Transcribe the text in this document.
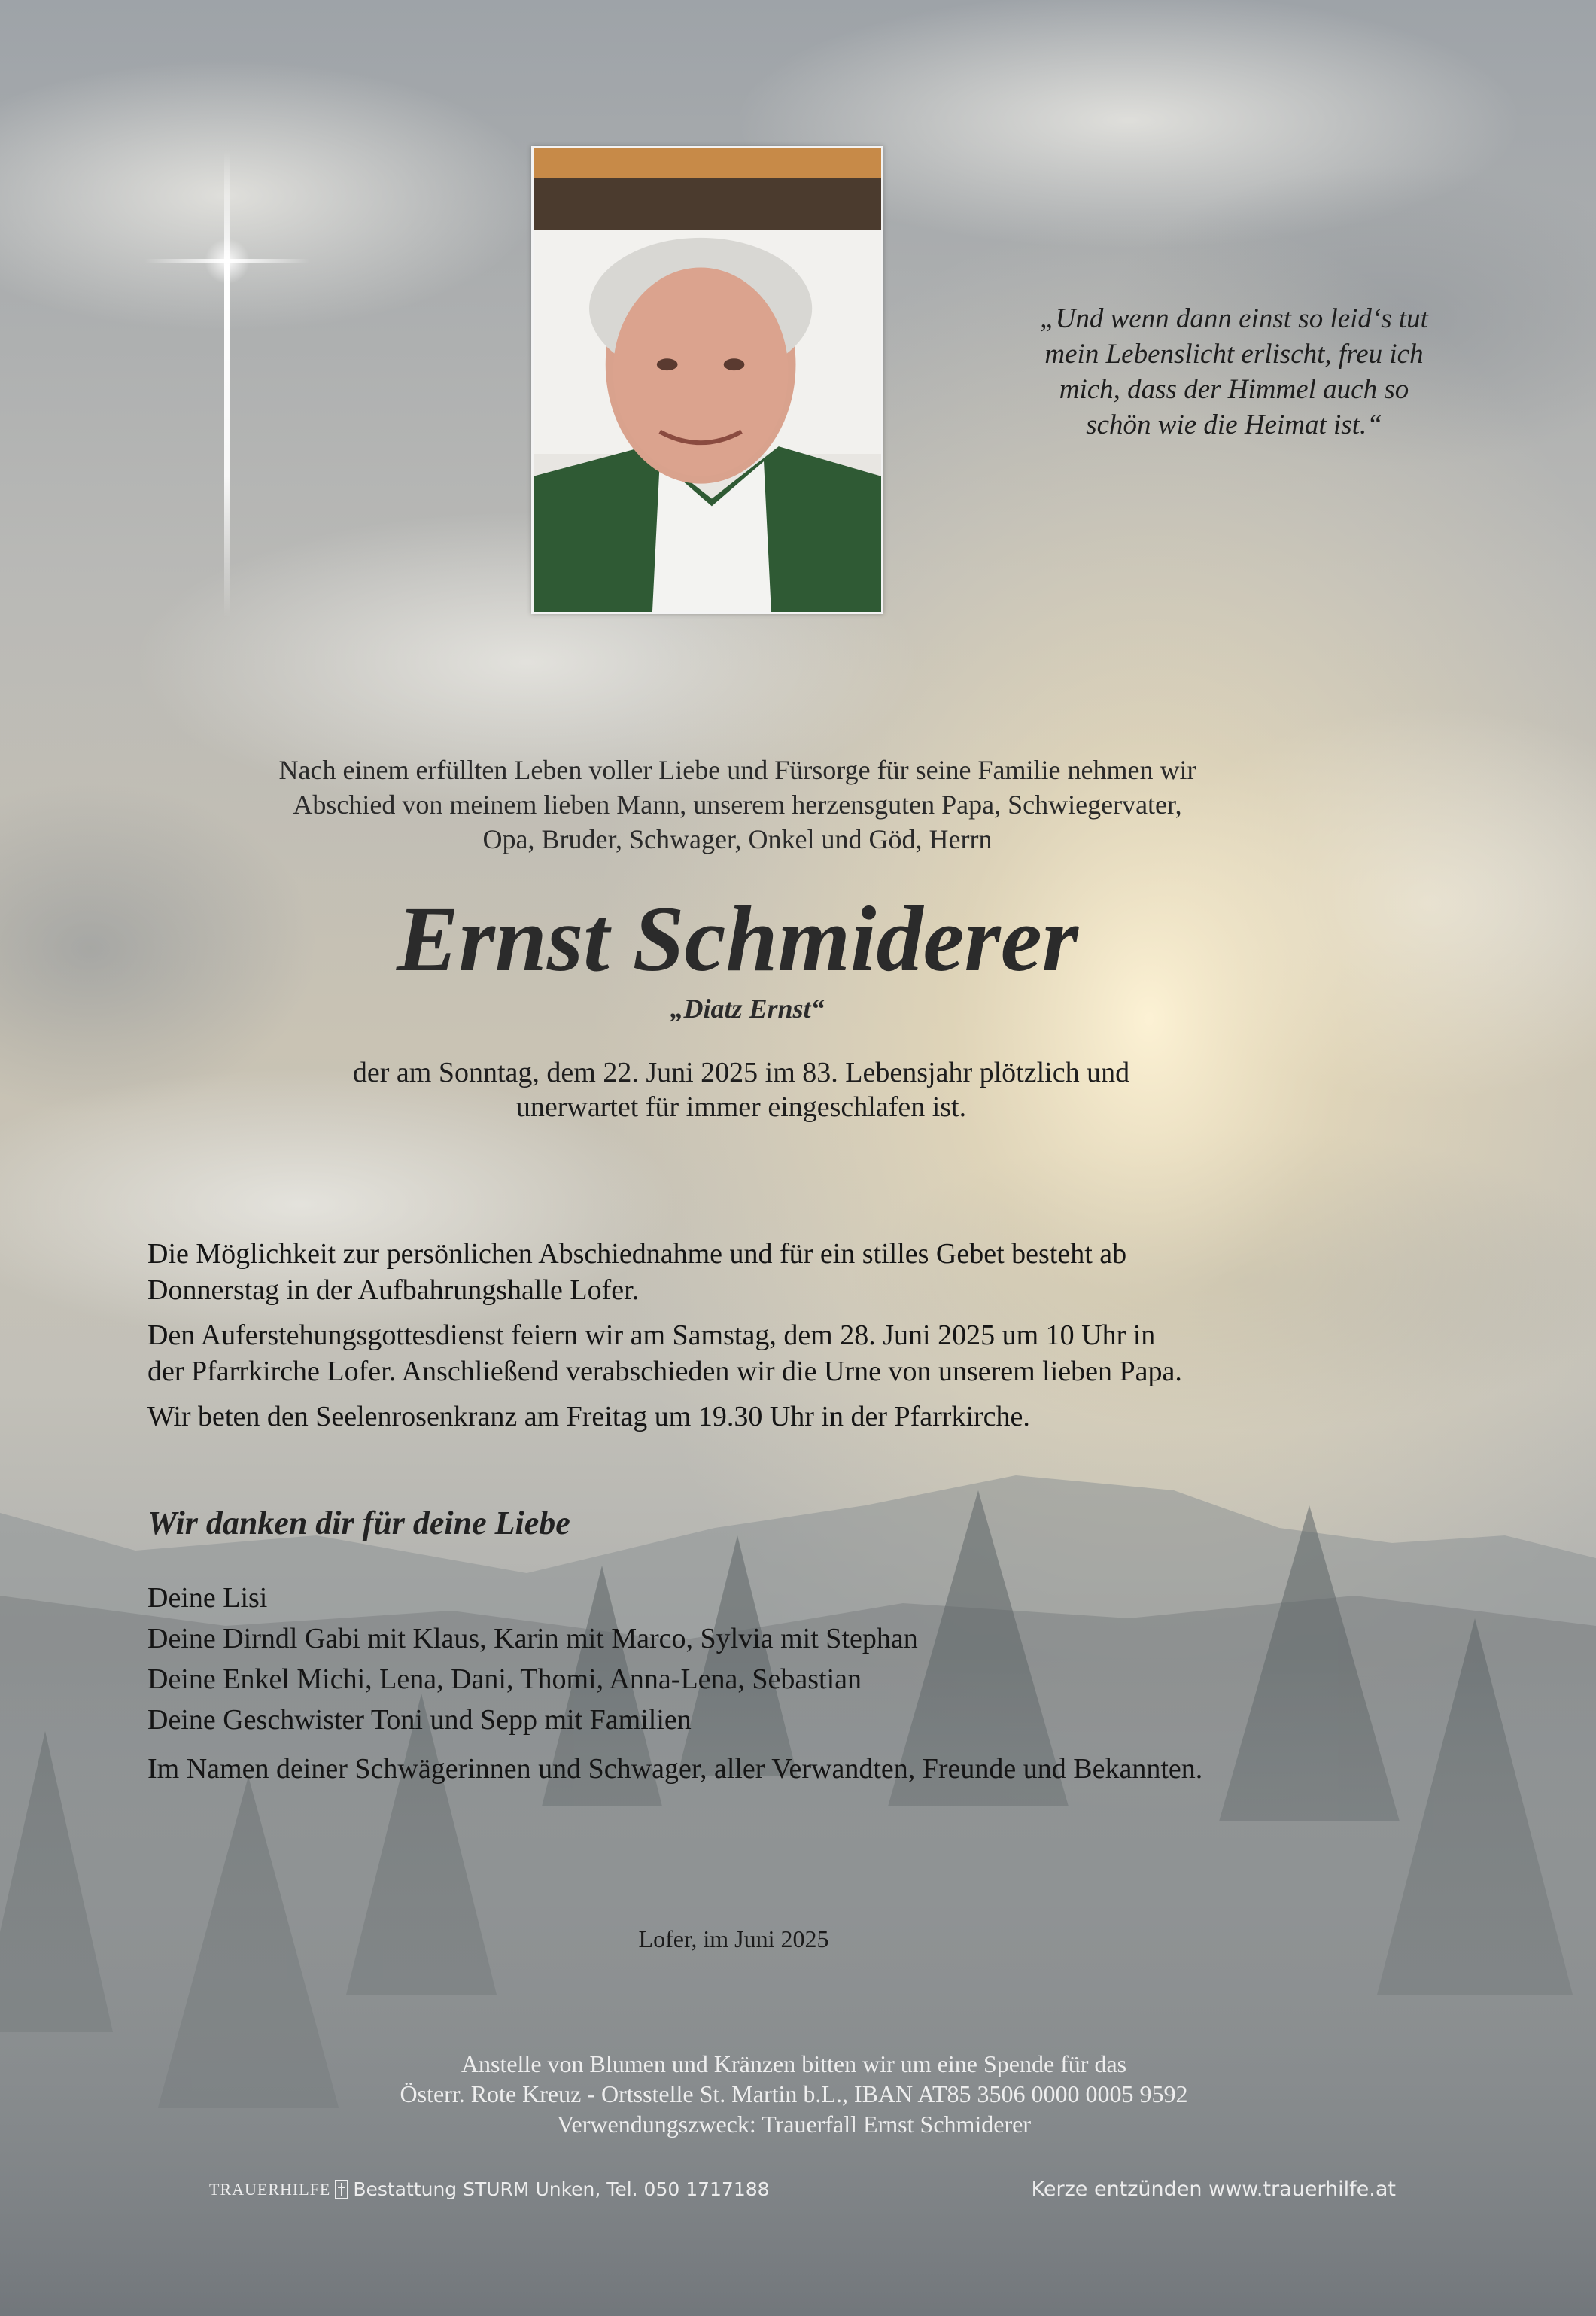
„Und wenn dann einst so leid‘s tut
mein Lebenslicht erlischt, freu ich
mich, dass der Himmel auch so
schön wie die Heimat ist.“
Nach einem erfüllten Leben voller Liebe und Fürsorge für seine Familie nehmen wir
Abschied von meinem lieben Mann, unserem herzensguten Papa, Schwiegervater,
Opa, Bruder, Schwager, Onkel und Göd, Herrn
Ernst Schmiderer
„Diatz Ernst“
der am Sonntag, dem 22. Juni 2025 im 83. Lebensjahr plötzlich und
unerwartet für immer eingeschlafen ist.
Die Möglichkeit zur persönlichen Abschiednahme und für ein stilles Gebet besteht ab
Donnerstag in der Aufbahrungshalle Lofer.
Den Auferstehungsgottesdienst feiern wir am Samstag, dem 28. Juni 2025 um 10 Uhr in
der Pfarrkirche Lofer. Anschließend verabschieden wir die Urne von unserem lieben Papa.
Wir beten den Seelenrosenkranz am Freitag um 19.30 Uhr in der Pfarrkirche.
Wir danken dir für deine Liebe
Deine Lisi
Deine Dirndl Gabi mit Klaus, Karin mit Marco, Sylvia mit Stephan
Deine Enkel Michi, Lena, Dani, Thomi, Anna-Lena, Sebastian
Deine Geschwister Toni und Sepp mit Familien
Im Namen deiner Schwägerinnen und Schwager, aller Verwandten, Freunde und Bekannten.
Lofer, im Juni 2025
Anstelle von Blumen und Kränzen bitten wir um eine Spende für das
Österr. Rote Kreuz - Ortsstelle St. Martin b.L., IBAN AT85 3506 0000 0005 9592
Verwendungszweck: Trauerfall Ernst Schmiderer
TRAUERHILFE Bestattung STURM Unken, Tel. 050 1717188	Kerze entzünden www.trauerhilfe.at
